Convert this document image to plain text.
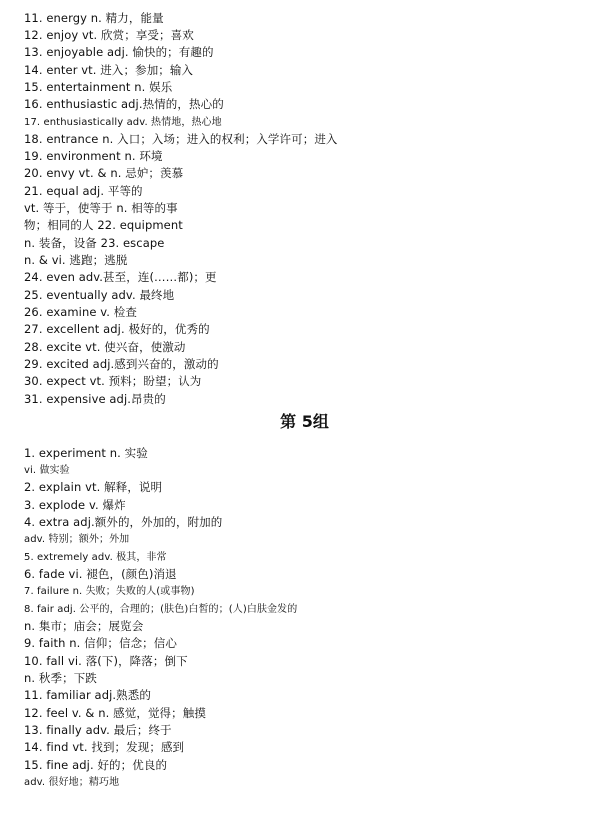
11. energy n. 精力，能量
12. enjoy vt. 欣赏；享受；喜欢
13. enjoyable adj. 愉快的；有趣的
14. enter vt. 进入；参加；输入
15. entertainment n. 娱乐
16. enthusiastic adj.热情的，热心的
17. enthusiastically adv. 热情地，热心地
18. entrance n. 入口；入场；进入的权利；入学许可；进入
19. environment n. 环境
20. envy vt. & n. 忌妒；羡慕
21. equal adj. 平等的
vt. 等于，使等于 n. 相等的事
物；相同的人 22. equipment
n. 装备，设备 23. escape
n. & vi. 逃跑；逃脱
24. even adv.甚至，连(……都)；更
25. eventually adv. 最终地
26. examine v. 检查
27. excellent adj. 极好的，优秀的
28. excite vt. 使兴奋，使激动
29. excited adj.感到兴奋的，激动的
30. expect vt. 预料；盼望；认为
31. expensive adj.昂贵的
第 5组
1. experiment n. 实验
vi. 做实验
2. explain vt. 解释，说明
3. explode v. 爆炸
4. extra adj.额外的，外加的，附加的
adv. 特别；额外；外加
5. extremely adv. 极其，非常
6. fade vi. 褪色，(颜色)消退
7. failure n. 失败；失败的人(或事物)
8. fair adj. 公平的，合理的；(肤色)白皙的；(人)白肤金发的
n. 集市；庙会；展览会
9. faith n. 信仰；信念；信心
10. fall vi. 落(下)，降落；倒下
n. 秋季；下跌
11. familiar adj.熟悉的
12. feel v. & n. 感觉，觉得；触摸
13. finally adv. 最后；终于
14. find vt. 找到；发现；感到
15. fine adj. 好的；优良的
adv. 很好地；精巧地
